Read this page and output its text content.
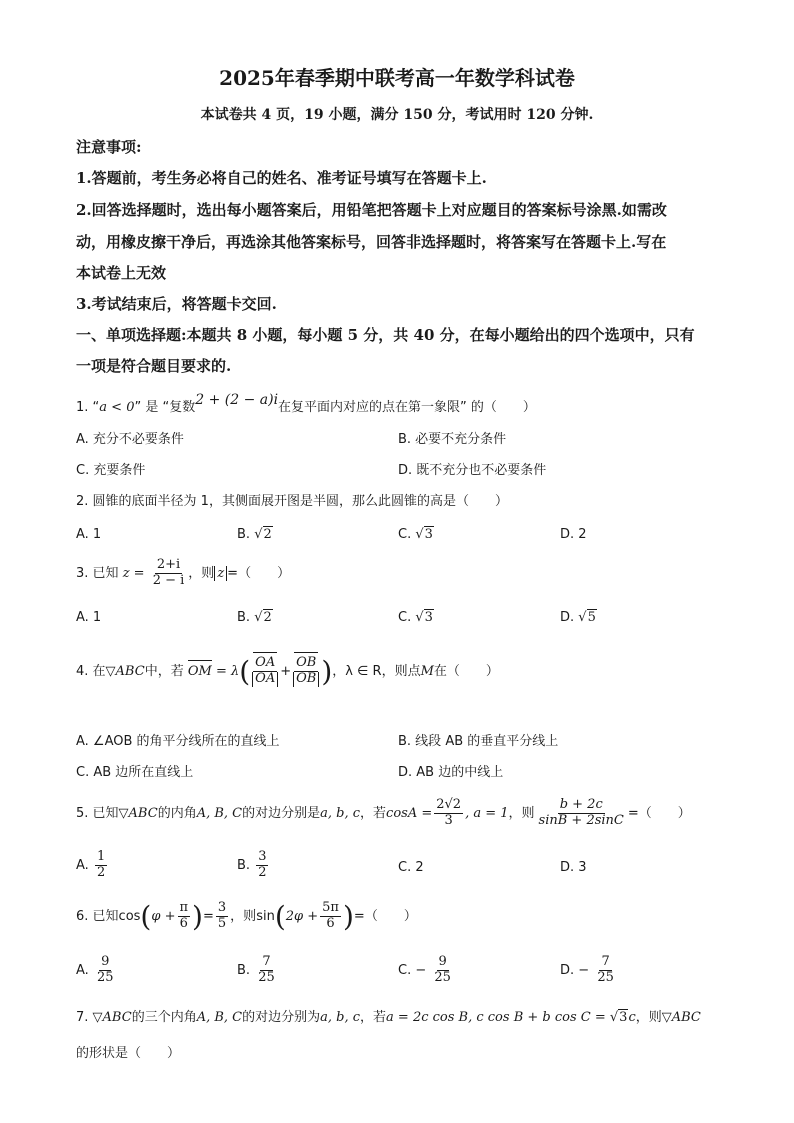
2025年春季期中联考高一年数学科试卷
本试卷共 4 页，19 小题，满分 150 分，考试用时 120 分钟.
注意事项:
1.答题前，考生务必将自己的姓名、准考证号填写在答题卡上.
2.回答选择题时，选出每小题答案后，用铅笔把答题卡上对应题目的答案标号涂黑.如需改
动，用橡皮擦干净后，再选涂其他答案标号，回答非选择题时，将答案写在答题卡上.写在
本试卷上无效
3.考试结束后，将答题卡交回.
一、单项选择题:本题共 8 小题，每小题 5 分，共 40 分，在每小题给出的四个选项中，只有
一项是符合题目要求的.
1. “a < 0” 是 “复数2 + (2 − a)i在复平面内对应的点在第一象限” 的（　　）
A. 充分不必要条件	B. 必要不充分条件
C. 充要条件	D. 既不充分也不必要条件
2. 圆锥的底面半径为 1，其侧面展开图是半圆，那么此圆锥的高是（　　）
A. 1	B. √2	C. √3	D. 2
3. 已知 $z = \frac{2+i}{2 - i}$ ，则 z =（　　）
A. 1	B. √2	C. √3	D. √5
4. 在▽ABC中，若 OM = $\lambda( \frac{OA}{OA} + \frac{OB}{OB}$ )，λ ∈ R，则点M在（　　）
A. ∠AOB 的角平分线所在的直线上	B. 线段 AB 的垂直平分线上
C. AB 边所在直线上	D. AB 边的中线上
5. 已知▽ABC的内角A, B, C的对边分别是a, b, c，若$\cos A = \frac{2√2}{3}$ , a = 1，则 $\frac{b + 2c}{\sin B + 2\sin C}$ =（　　）
A. $\frac{1}{2}$	B. $\frac{3}{2}$	C. 2	D. 3
6. 已知$\cos(\varphi + \frac{\pi}{6}$ )= $\frac{3}{5}$ ，则$\sin(2\varphi + \frac{5\pi}{6}$ )=（　　）
A. $\frac{9}{25}$	B. $\frac{7}{25}$	C. − $\frac{9}{25}$	D. − $\frac{7}{25}$
7. ▽ABC的三个内角A, B, C的对边分别为a, b, c，若a = 2c cos B, c cos B + b cos C = √3c，则▽ABC
的形状是（　　）
